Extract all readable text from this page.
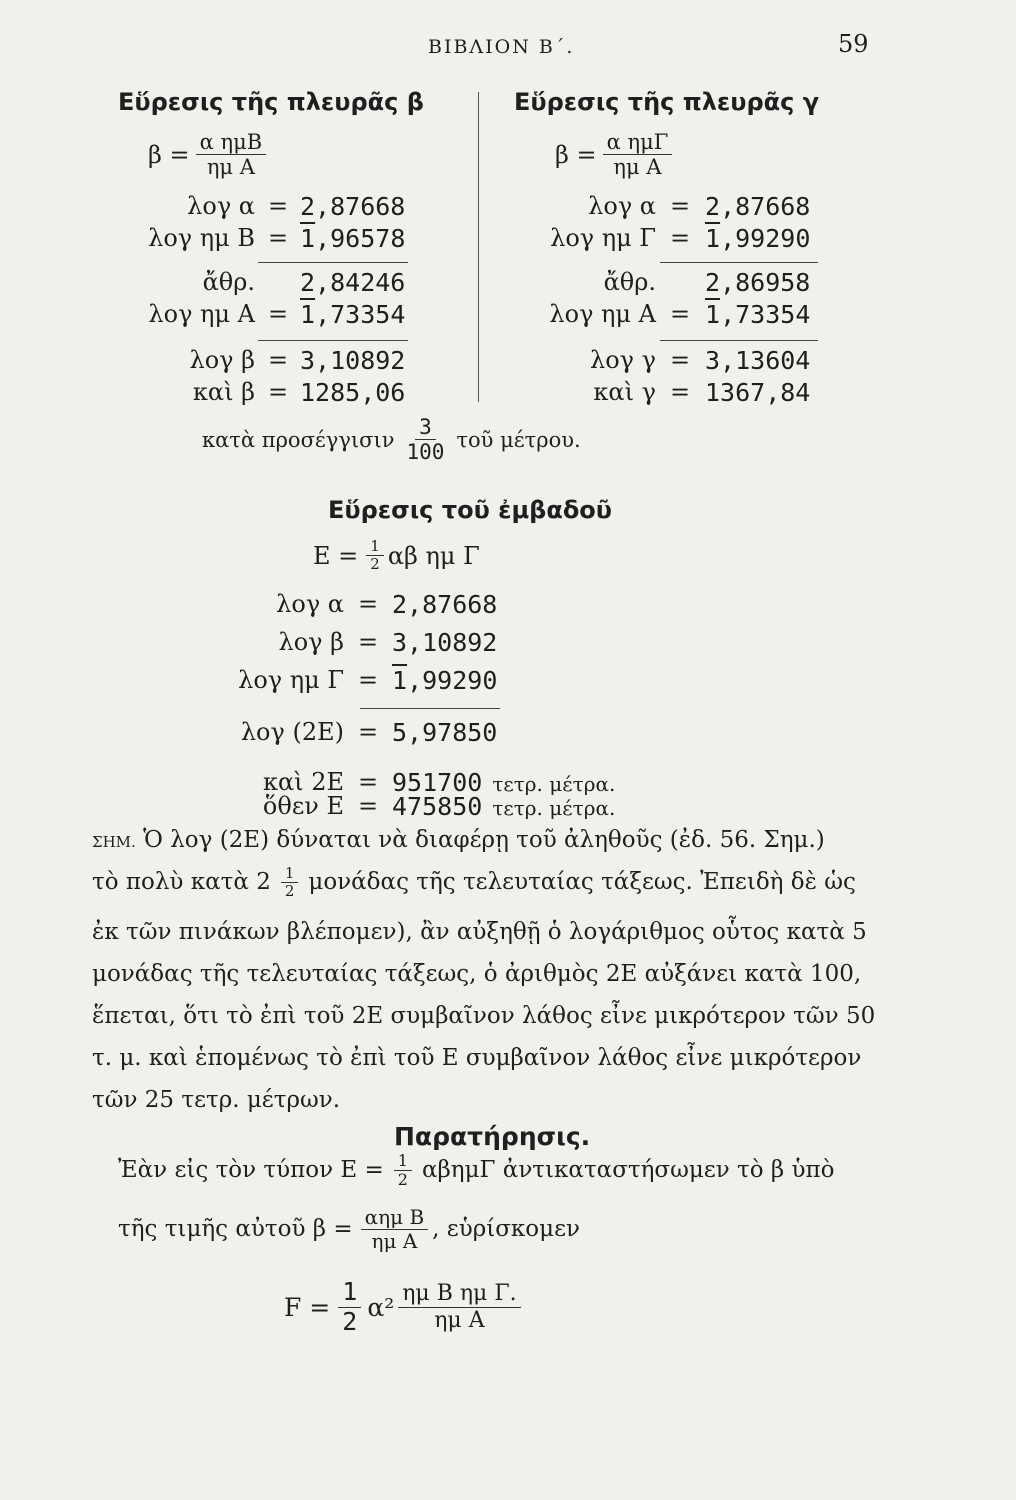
ΒΙΒΛΙΟΝ Β΄.	59
Εὕρεσις τῆς πλευρᾶς β
$\beta = \frac{\text{α ημΒ}}{\text{ημ Α}}$
λογ α = 2,87668
λογ ημ Β = 1,96578
ἄθρ. 2,84246
λογ ημ Α = 1,73354
λογ β = 3,10892
καὶ β = 1285,06
Εὕρεσις τῆς πλευρᾶς γ
$\beta = \frac{\text{α ημΓ}}{\text{ημ Α}}$
λογ α = 2,87668
λογ ημ Γ = 1,99290
ἄθρ. 2,86958
λογ ημ Α = 1,73354
λογ γ = 3,13604
καὶ γ = 1367,84
κατὰ προσέγγισιν $\frac{3}{100}$ τοῦ μέτρου.
Εὕρεσις τοῦ ἐμβαδοῦ
$E = \frac{1}{2}$ αβ ημ Γ
λογ α = 2,87668
λογ β = 3,10892
λογ ημ Γ = 1,99290
λογ (2Ε) = 5,97850
καὶ 2Ε = 951700 τετρ. μέτρα.
ὅθεν Ε = 475850 τετρ. μέτρα.
ΣΗΜ. Ὁ λογ (2Ε) δύναται νὰ διαφέρῃ τοῦ ἀληθοῦς (ἐδ. 56. Σημ.)
τὸ πολὺ κατὰ $2 \frac{1}{2}$ μονάδας τῆς τελευταίας τάξεως. Ἐπειδὴ δὲ ὡς
ἐκ τῶν πινάκων βλέπομεν), ἂν αὐξηθῇ ὁ λογάριθμος οὗτος κατὰ 5
μονάδας τῆς τελευταίας τάξεως, ὁ ἀριθμὸς 2Ε αὐξάνει κατὰ 100,
ἕπεται, ὅτι τὸ ἐπὶ τοῦ 2Ε συμβαῖνον λάθος εἶνε μικρότερον τῶν 50
τ. μ. καὶ ἑπομένως τὸ ἐπὶ τοῦ Ε συμβαῖνον λάθος εἶνε μικρότερον
τῶν 25 τετρ. μέτρων.
Παρατήρησις.
Ἐὰν εἰς τὸν τύπον $E = \frac{1}{2}$ αβημΓ ἀντικαταστήσωμεν τὸ β ὑπὸ
τῆς τιμῆς αὐτοῦ $\beta = \frac{\text{αημ Β}}{\text{ημ Α}}$ , εὑρίσκομεν
$F = \frac{1}{2} \alpha^2 \frac{\text{ημ Β ημ Γ.}}{\text{ημ Α}}$
